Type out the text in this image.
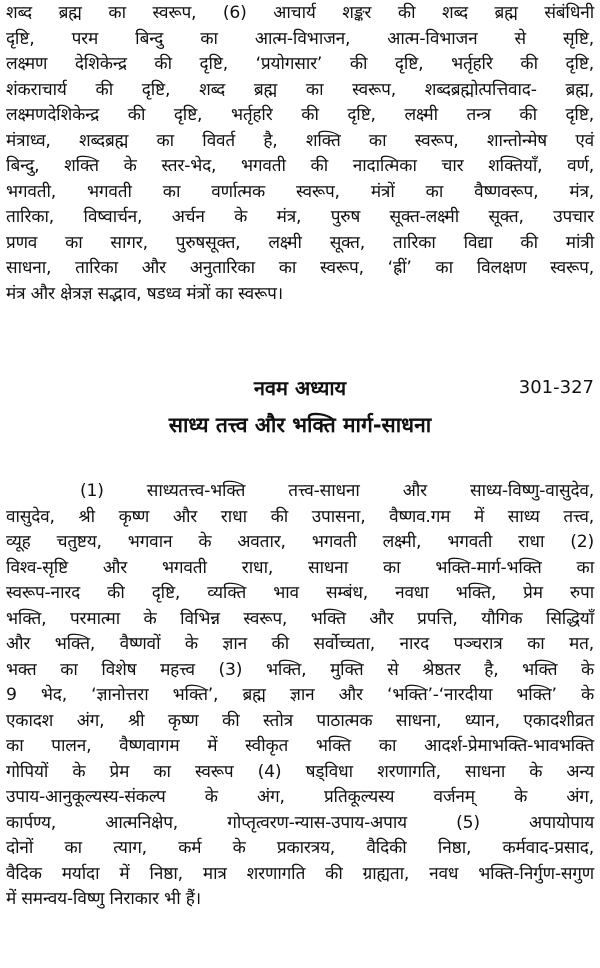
शब्द ब्रह्म का स्वरूप, (6) आचार्य शङ्कर की शब्द ब्रह्म संबंधिनी
दृष्टि, परम बिन्दु का आत्म-विभाजन, आत्म-विभाजन से सृष्टि,
लक्ष्मण देशिकेन्द्र की दृष्टि, ‘प्रयोगसार’ की दृष्टि, भर्तृहरि की दृष्टि,
शंकराचार्य की दृष्टि, शब्द ब्रह्म का स्वरूप, शब्दब्रह्मोत्पत्तिवाद- ब्रह्म,
लक्ष्मणदेशिकेन्द्र की दृष्टि, भर्तृहरि की दृष्टि, लक्ष्मी तन्त्र की दृष्टि,
मंत्राध्व, शब्दब्रह्म का विवर्त है, शक्ति का स्वरूप, शान्तोन्मेष एवं
बिन्दु, शक्ति के स्तर-भेद, भगवती की नादात्मिका चार शक्तियाँ, वर्ण,
भगवती, भगवती का वर्णात्मक स्वरूप, मंत्रों का वैष्णवरूप, मंत्र,
तारिका, विष्वार्चन, अर्चन के मंत्र, पुरुष सूक्त-लक्ष्मी सूक्त, उपचार
प्रणव का सागर, पुरुषसूक्त, लक्ष्मी सूक्त, तारिका विद्या की मांत्री
साधना, तारिका और अनुतारिका का स्वरूप, ‘ह्रीं’ का विलक्षण स्वरूप,
मंत्र और क्षेत्रज्ञ सद्भाव, षडध्व मंत्रों का स्वरूप।

नवम अध्याय	301-327
साध्य तत्त्व और भक्ति मार्ग-साधना

(1) साध्यतत्त्व-भक्ति तत्त्व-साधना और साध्य-विष्णु-वासुदेव,
वासुदेव, श्री कृष्ण और राधा की उपासना, वैष्णव.गम में साध्य तत्त्व,
व्यूह चतुष्टय, भगवान के अवतार, भगवती लक्ष्मी, भगवती राधा (2)
विश्व-सृष्टि और भगवती राधा, साधना का भक्ति-मार्ग-भक्ति का
स्वरूप-नारद की दृष्टि, व्यक्ति भाव सम्बंध, नवधा भक्ति, प्रेम रुपा
भक्ति, परमात्मा के विभिन्न स्वरूप, भक्ति और प्रपत्ति, यौगिक सिद्धियाँ
और भक्ति, वैष्णवों के ज्ञान की सर्वोच्चता, नारद पञ्चरात्र का मत,
भक्त का विशेष महत्त्व (3) भक्ति, मुक्ति से श्रेष्ठतर है, भक्ति के
9 भेद, ‘ज्ञानोत्तरा भक्ति’, ब्रह्म ज्ञान और ‘भक्ति’-‘नारदीया भक्ति’ के
एकादश अंग, श्री कृष्ण की स्तोत्र पाठात्मक साधना, ध्यान, एकादशीव्रत
का पालन, वैष्णवागम में स्वीकृत भक्ति का आदर्श-प्रेमाभक्ति-भावभक्ति
गोपियों के प्रेम का स्वरूप (4) षड्विधा शरणागति, साधना के अन्य
उपाय-आनुकूल्यस्य-संकल्प के अंग, प्रतिकूल्यस्य वर्जनम् के अंग,
कार्पण्य, आत्मनिक्षेप, गोप्तृत्वरण-न्यास-उपाय-अपाय (5) अपायोपाय
दोनों का त्याग, कर्म के प्रकारत्रय, वैदिकी निष्ठा, कर्मवाद-प्रसाद,
वैदिक मर्यादा में निष्ठा, मात्र शरणागति की ग्राह्यता, नवध भक्ति-निर्गुण-सगुण
में समन्वय-विष्णु निराकार भी हैं।
